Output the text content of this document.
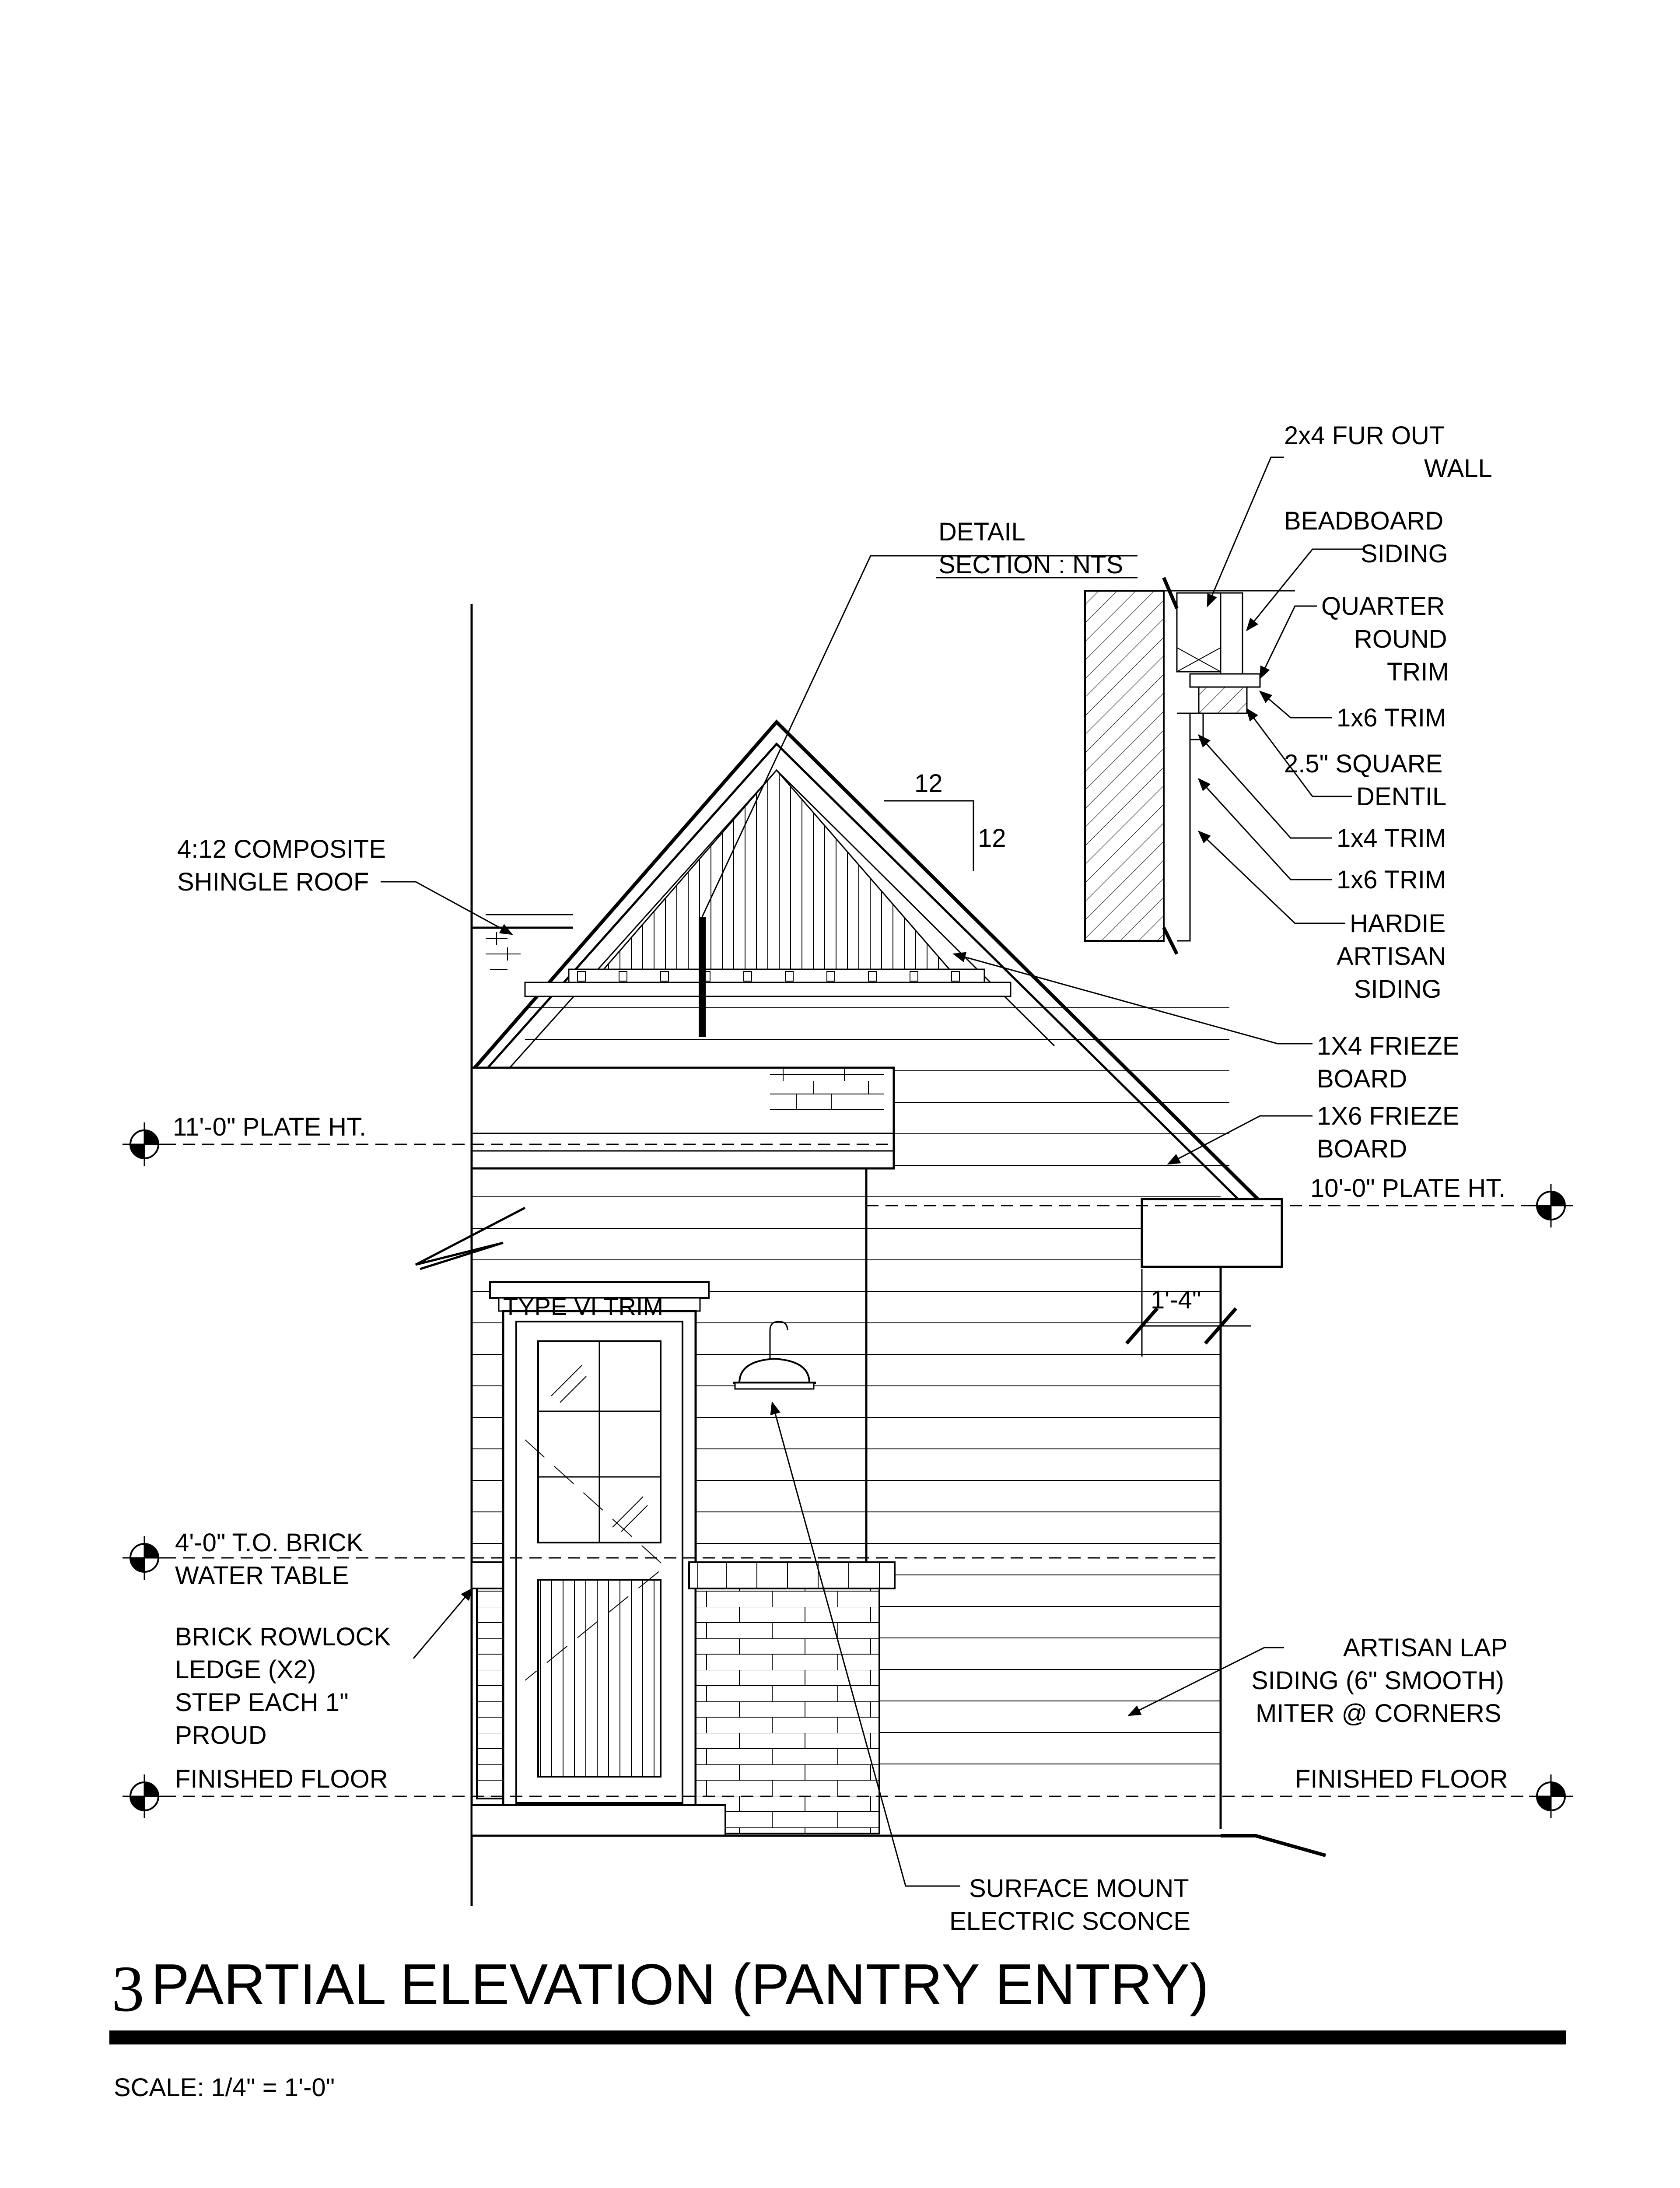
12
12
1'-4"
11'-0" PLATE HT.
10'-0" PLATE HT.
4'-0" T.O. BRICK
WATER TABLE
FINISHED FLOOR	FINISHED FLOOR
DETAIL
SECTION : NTS
2x4 FUR OUT
WALL
BEADBOARD
SIDING
QUARTER
ROUND
TRIM
1x6 TRIM
2.5" SQUARE
DENTIL
1x4 TRIM
1x6 TRIM
HARDIE
ARTISAN
SIDING
1X4 FRIEZE
BOARD
1X6 FRIEZE
BOARD
4:12 COMPOSITE
SHINGLE ROOF
TYPE VI TRIM
BRICK ROWLOCK
LEDGE (X2)
STEP EACH 1"
PROUD
ARTISAN LAP
SIDING (6" SMOOTH)
MITER @ CORNERS
SURFACE MOUNT
ELECTRIC SCONCE
3 PARTIAL ELEVATION (PANTRY ENTRY)
SCALE: 1/4" = 1'-0"
